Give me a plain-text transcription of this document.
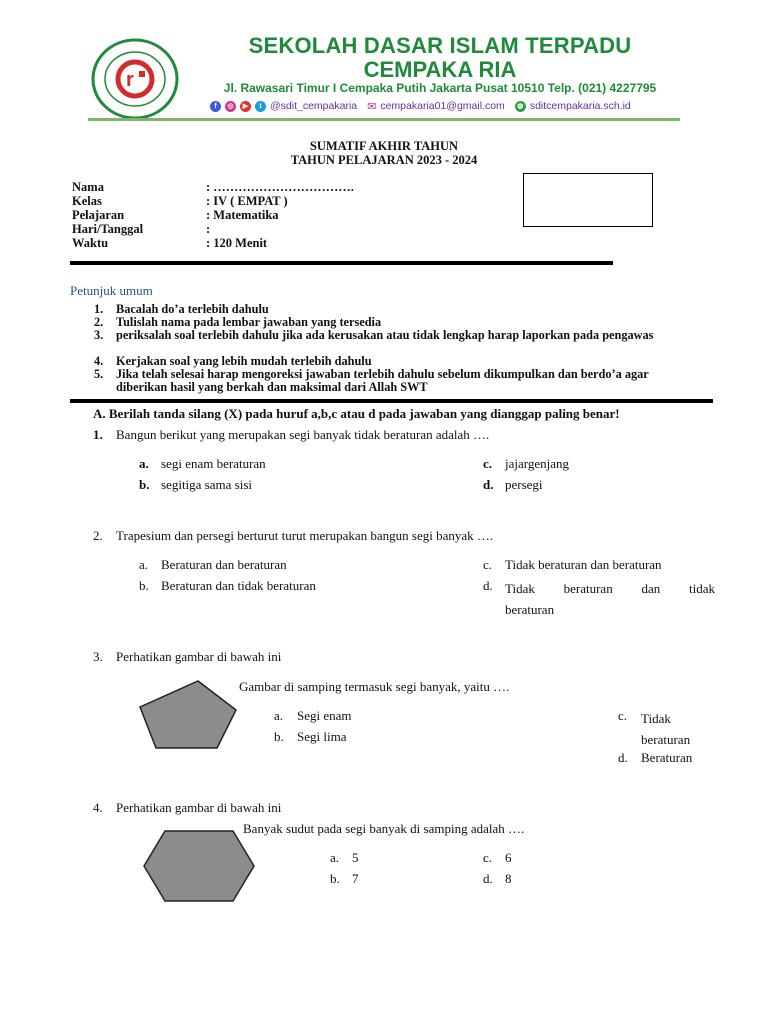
r
SEKOLAH DASAR ISLAM TERPADU
CEMPAKA RIA
Jl. Rawasari Timur I Cempaka Putih Jakarta Pusat 10510 Telp. (021) 4227795
f	◎	▶	t @sdit_cempakaria ✉ cempakaria01@gmail.com	◍ sditcempakaria.sch.id
SUMATIF AKHIR TAHUN
TAHUN PELAJARAN 2023 - 2024
Nama	: …………………………….
Kelas	: IV ( EMPAT )
Pelajaran	: Matematika
Hari/Tanggal	:
Waktu	: 120 Menit
Petunjuk umum
1. Bacalah do’a terlebih dahulu
2. Tulislah nama pada lembar jawaban yang tersedia
3. periksalah soal terlebih dahulu jika ada kerusakan atau tidak lengkap harap laporkan pada pengawas
4. Kerjakan soal yang lebih mudah terlebih dahulu
5. Jika telah selesai harap mengoreksi jawaban terlebih dahulu sebelum dikumpulkan dan berdo’a agar diberikan hasil yang berkah dan maksimal dari Allah SWT
A. Berilah tanda silang (X) pada huruf a,b,c atau d pada jawaban yang dianggap paling benar!
1. Bangun berikut yang merupakan segi banyak tidak beraturan adalah ….
a. segi enam beraturan
b. segitiga sama sisi
c. jajargenjang
d. persegi
2. Trapesium dan persegi berturut turut merupakan bangun segi banyak ….
a. Beraturan dan beraturan
b. Beraturan dan tidak beraturan
c. Tidak beraturan dan beraturan
d. Tidak beraturan dan tidak beraturan
3. Perhatikan gambar di bawah ini
Gambar di samping termasuk segi banyak, yaitu ….
a. Segi enam
b. Segi lima
c. Tidak beraturan
d. Beraturan
4. Perhatikan gambar di bawah ini
Banyak sudut pada segi banyak di samping adalah ….
a. 5
b. 7
c. 6
d. 8
